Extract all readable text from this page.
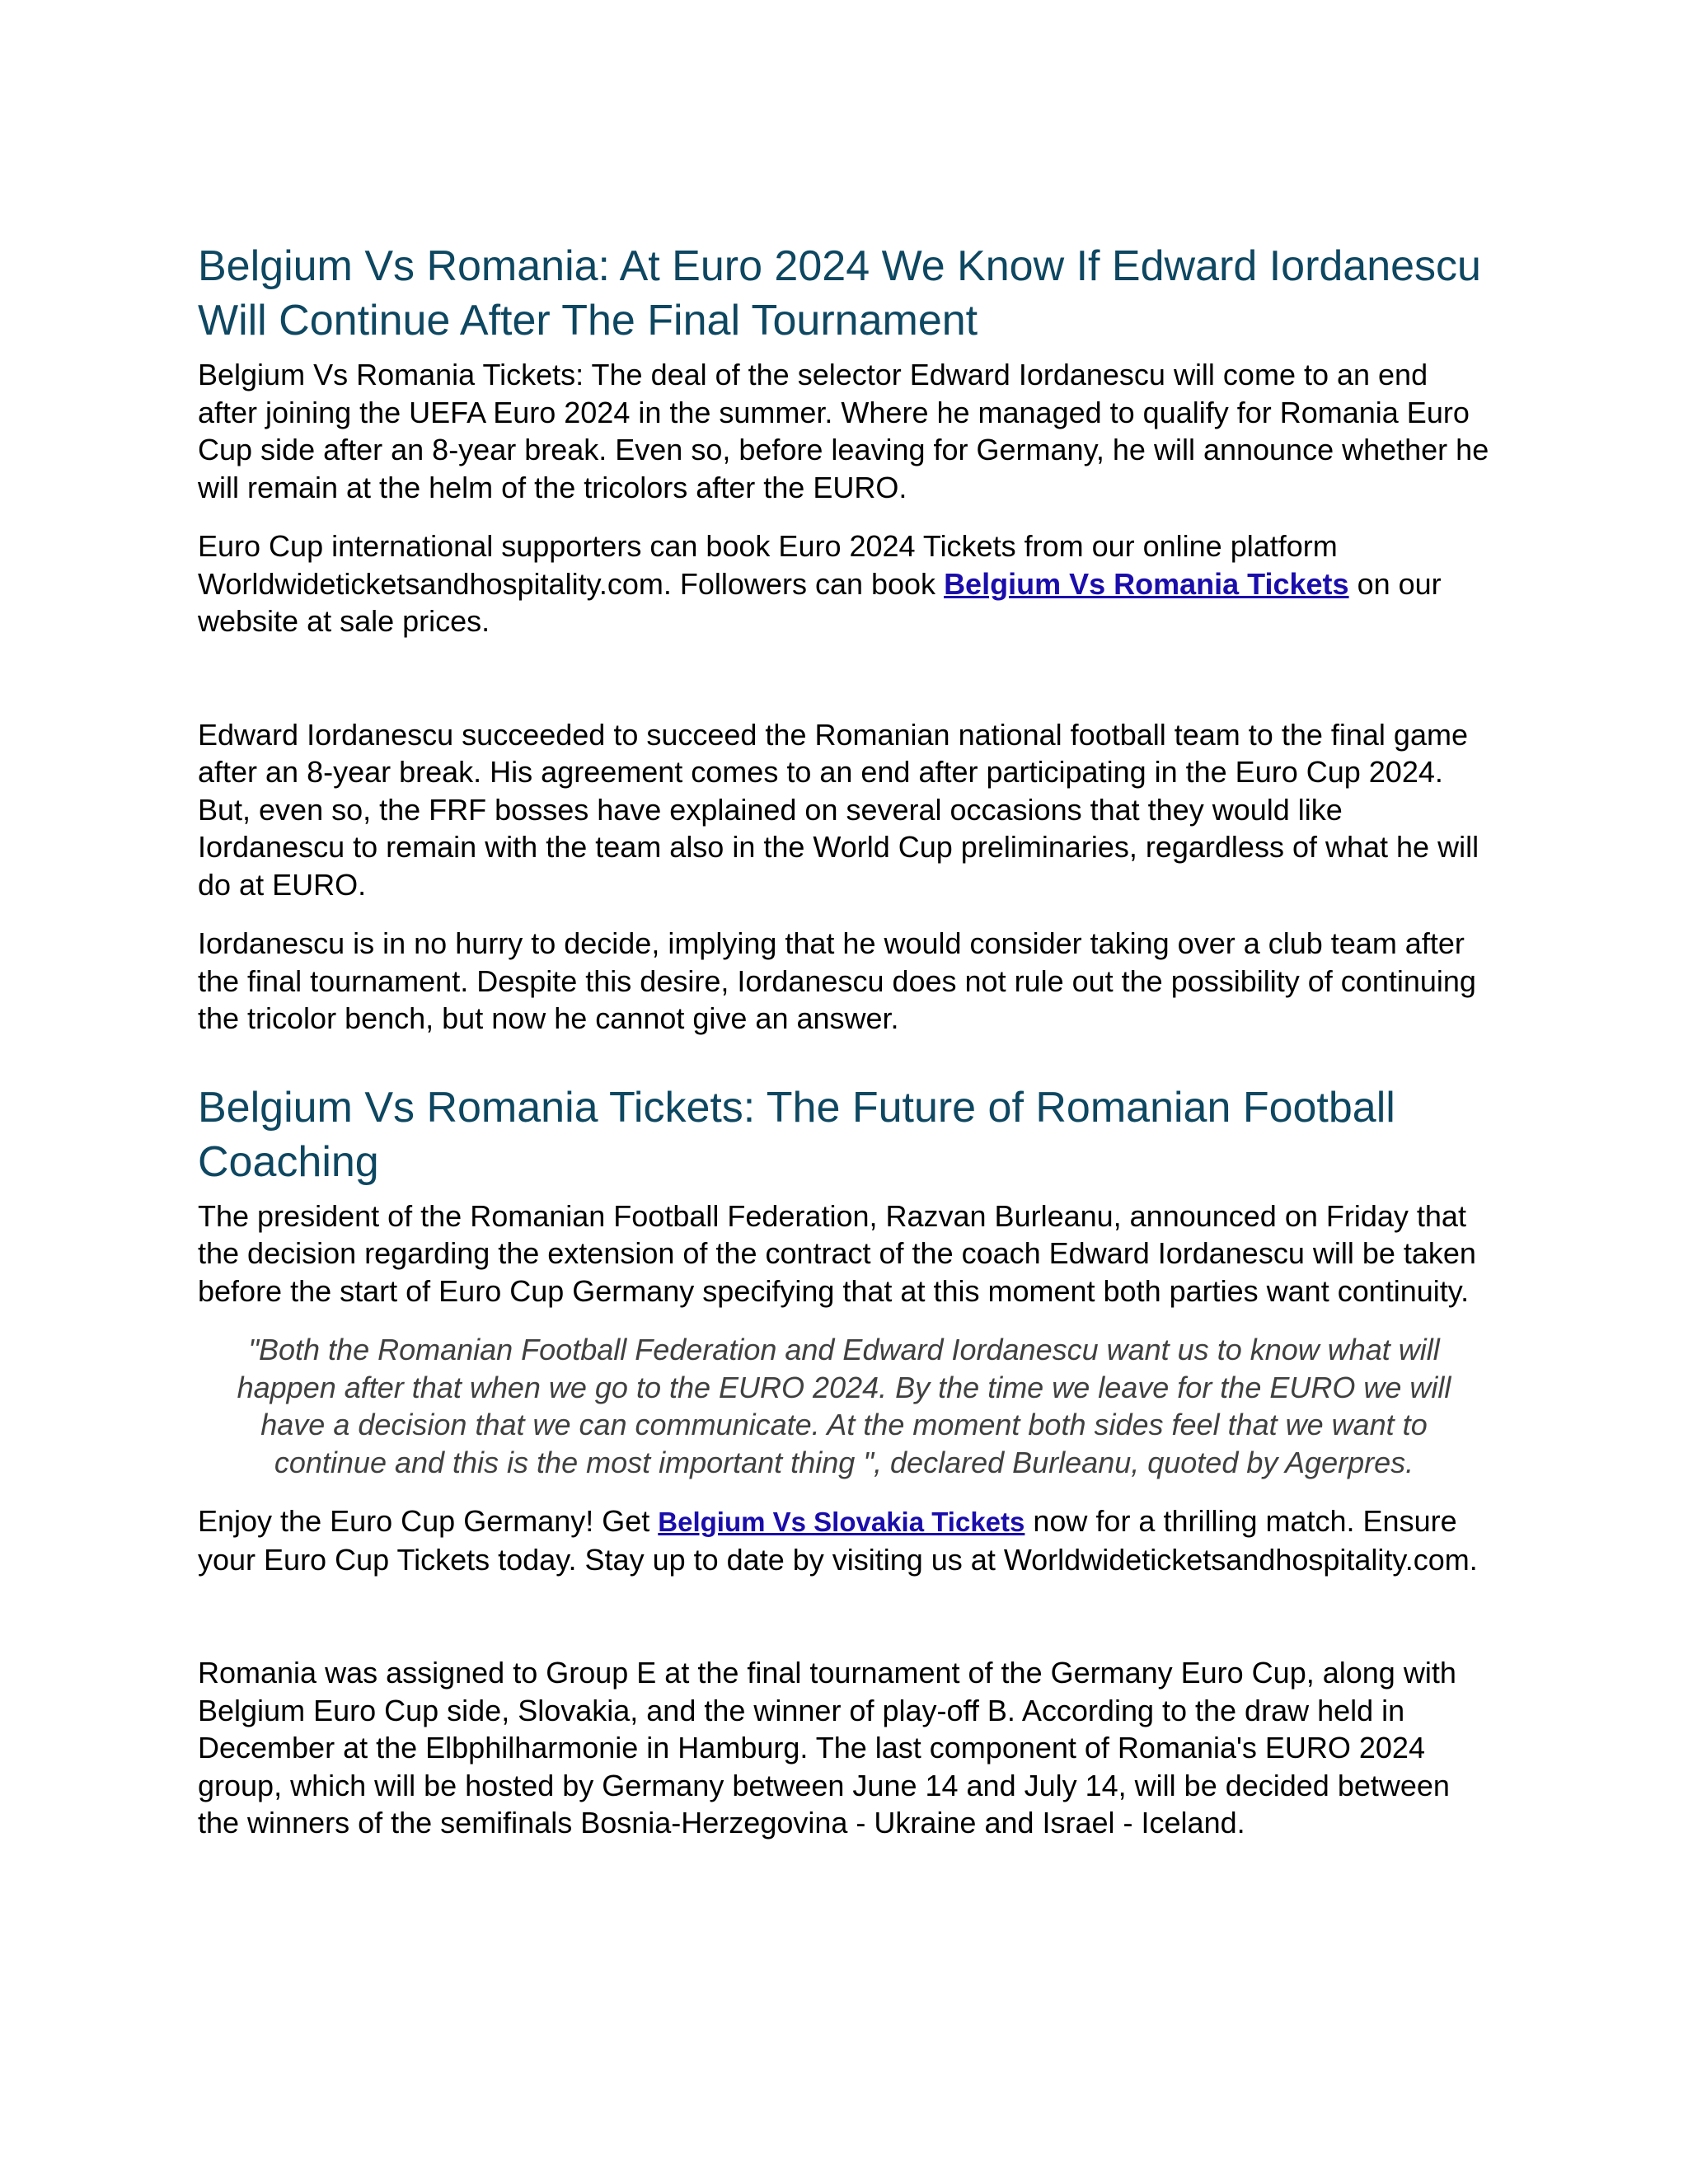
Belgium Vs Romania: At Euro 2024 We Know If Edward Iordanescu Will Continue After The Final Tournament

Belgium Vs Romania Tickets: The deal of the selector Edward Iordanescu will come to an end after joining the UEFA Euro 2024 in the summer. Where he managed to qualify for Romania Euro Cup side after an 8-year break. Even so, before leaving for Germany, he will announce whether he will remain at the helm of the tricolors after the EURO.

Euro Cup international supporters can book Euro 2024 Tickets from our online platform Worldwideticketsandhospitality.com. Followers can book Belgium Vs Romania Tickets on our website at sale prices.

Edward Iordanescu succeeded to succeed the Romanian national football team to the final game after an 8-year break. His agreement comes to an end after participating in the Euro Cup 2024. But, even so, the FRF bosses have explained on several occasions that they would like Iordanescu to remain with the team also in the World Cup preliminaries, regardless of what he will do at EURO.

Iordanescu is in no hurry to decide, implying that he would consider taking over a club team after the final tournament. Despite this desire, Iordanescu does not rule out the possibility of continuing the tricolor bench, but now he cannot give an answer.

Belgium Vs Romania Tickets: The Future of Romanian Football Coaching

The president of the Romanian Football Federation, Razvan Burleanu, announced on Friday that the decision regarding the extension of the contract of the coach Edward Iordanescu will be taken before the start of Euro Cup Germany specifying that at this moment both parties want continuity.

"Both the Romanian Football Federation and Edward Iordanescu want us to know what will happen after that when we go to the EURO 2024. By the time we leave for the EURO we will have a decision that we can communicate. At the moment both sides feel that we want to continue and this is the most important thing ", declared Burleanu, quoted by Agerpres.

Enjoy the Euro Cup Germany! Get Belgium Vs Slovakia Tickets now for a thrilling match. Ensure your Euro Cup Tickets today. Stay up to date by visiting us at Worldwideticketsandhospitality.com.

Romania was assigned to Group E at the final tournament of the Germany Euro Cup, along with Belgium Euro Cup side, Slovakia, and the winner of play-off B. According to the draw held in December at the Elbphilharmonie in Hamburg. The last component of Romania's EURO 2024 group, which will be hosted by Germany between June 14 and July 14, will be decided between the winners of the semifinals Bosnia-Herzegovina - Ukraine and Israel - Iceland.
